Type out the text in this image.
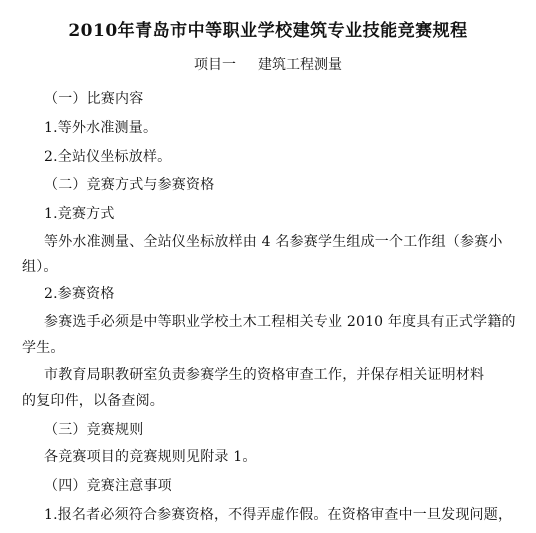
2010年青岛市中等职业学校建筑专业技能竞赛规程
项目一 建筑工程测量
（一）比赛内容
1.等外水准测量。
2.全站仪坐标放样。
（二）竞赛方式与参赛资格
1.竞赛方式
等外水准测量、全站仪坐标放样由 4 名参赛学生组成一个工作组（参赛小
组）。
2.参赛资格
参赛选手必须是中等职业学校土木工程相关专业 2010 年度具有正式学籍的
学生。
市教育局职教研室负责参赛学生的资格审查工作，并保存相关证明材料
的复印件，以备查阅。
（三）竞赛规则
各竞赛项目的竞赛规则见附录 1。
（四）竞赛注意事项
1.报名者必须符合参赛资格，不得弄虚作假。在资格审查中一旦发现问题，
